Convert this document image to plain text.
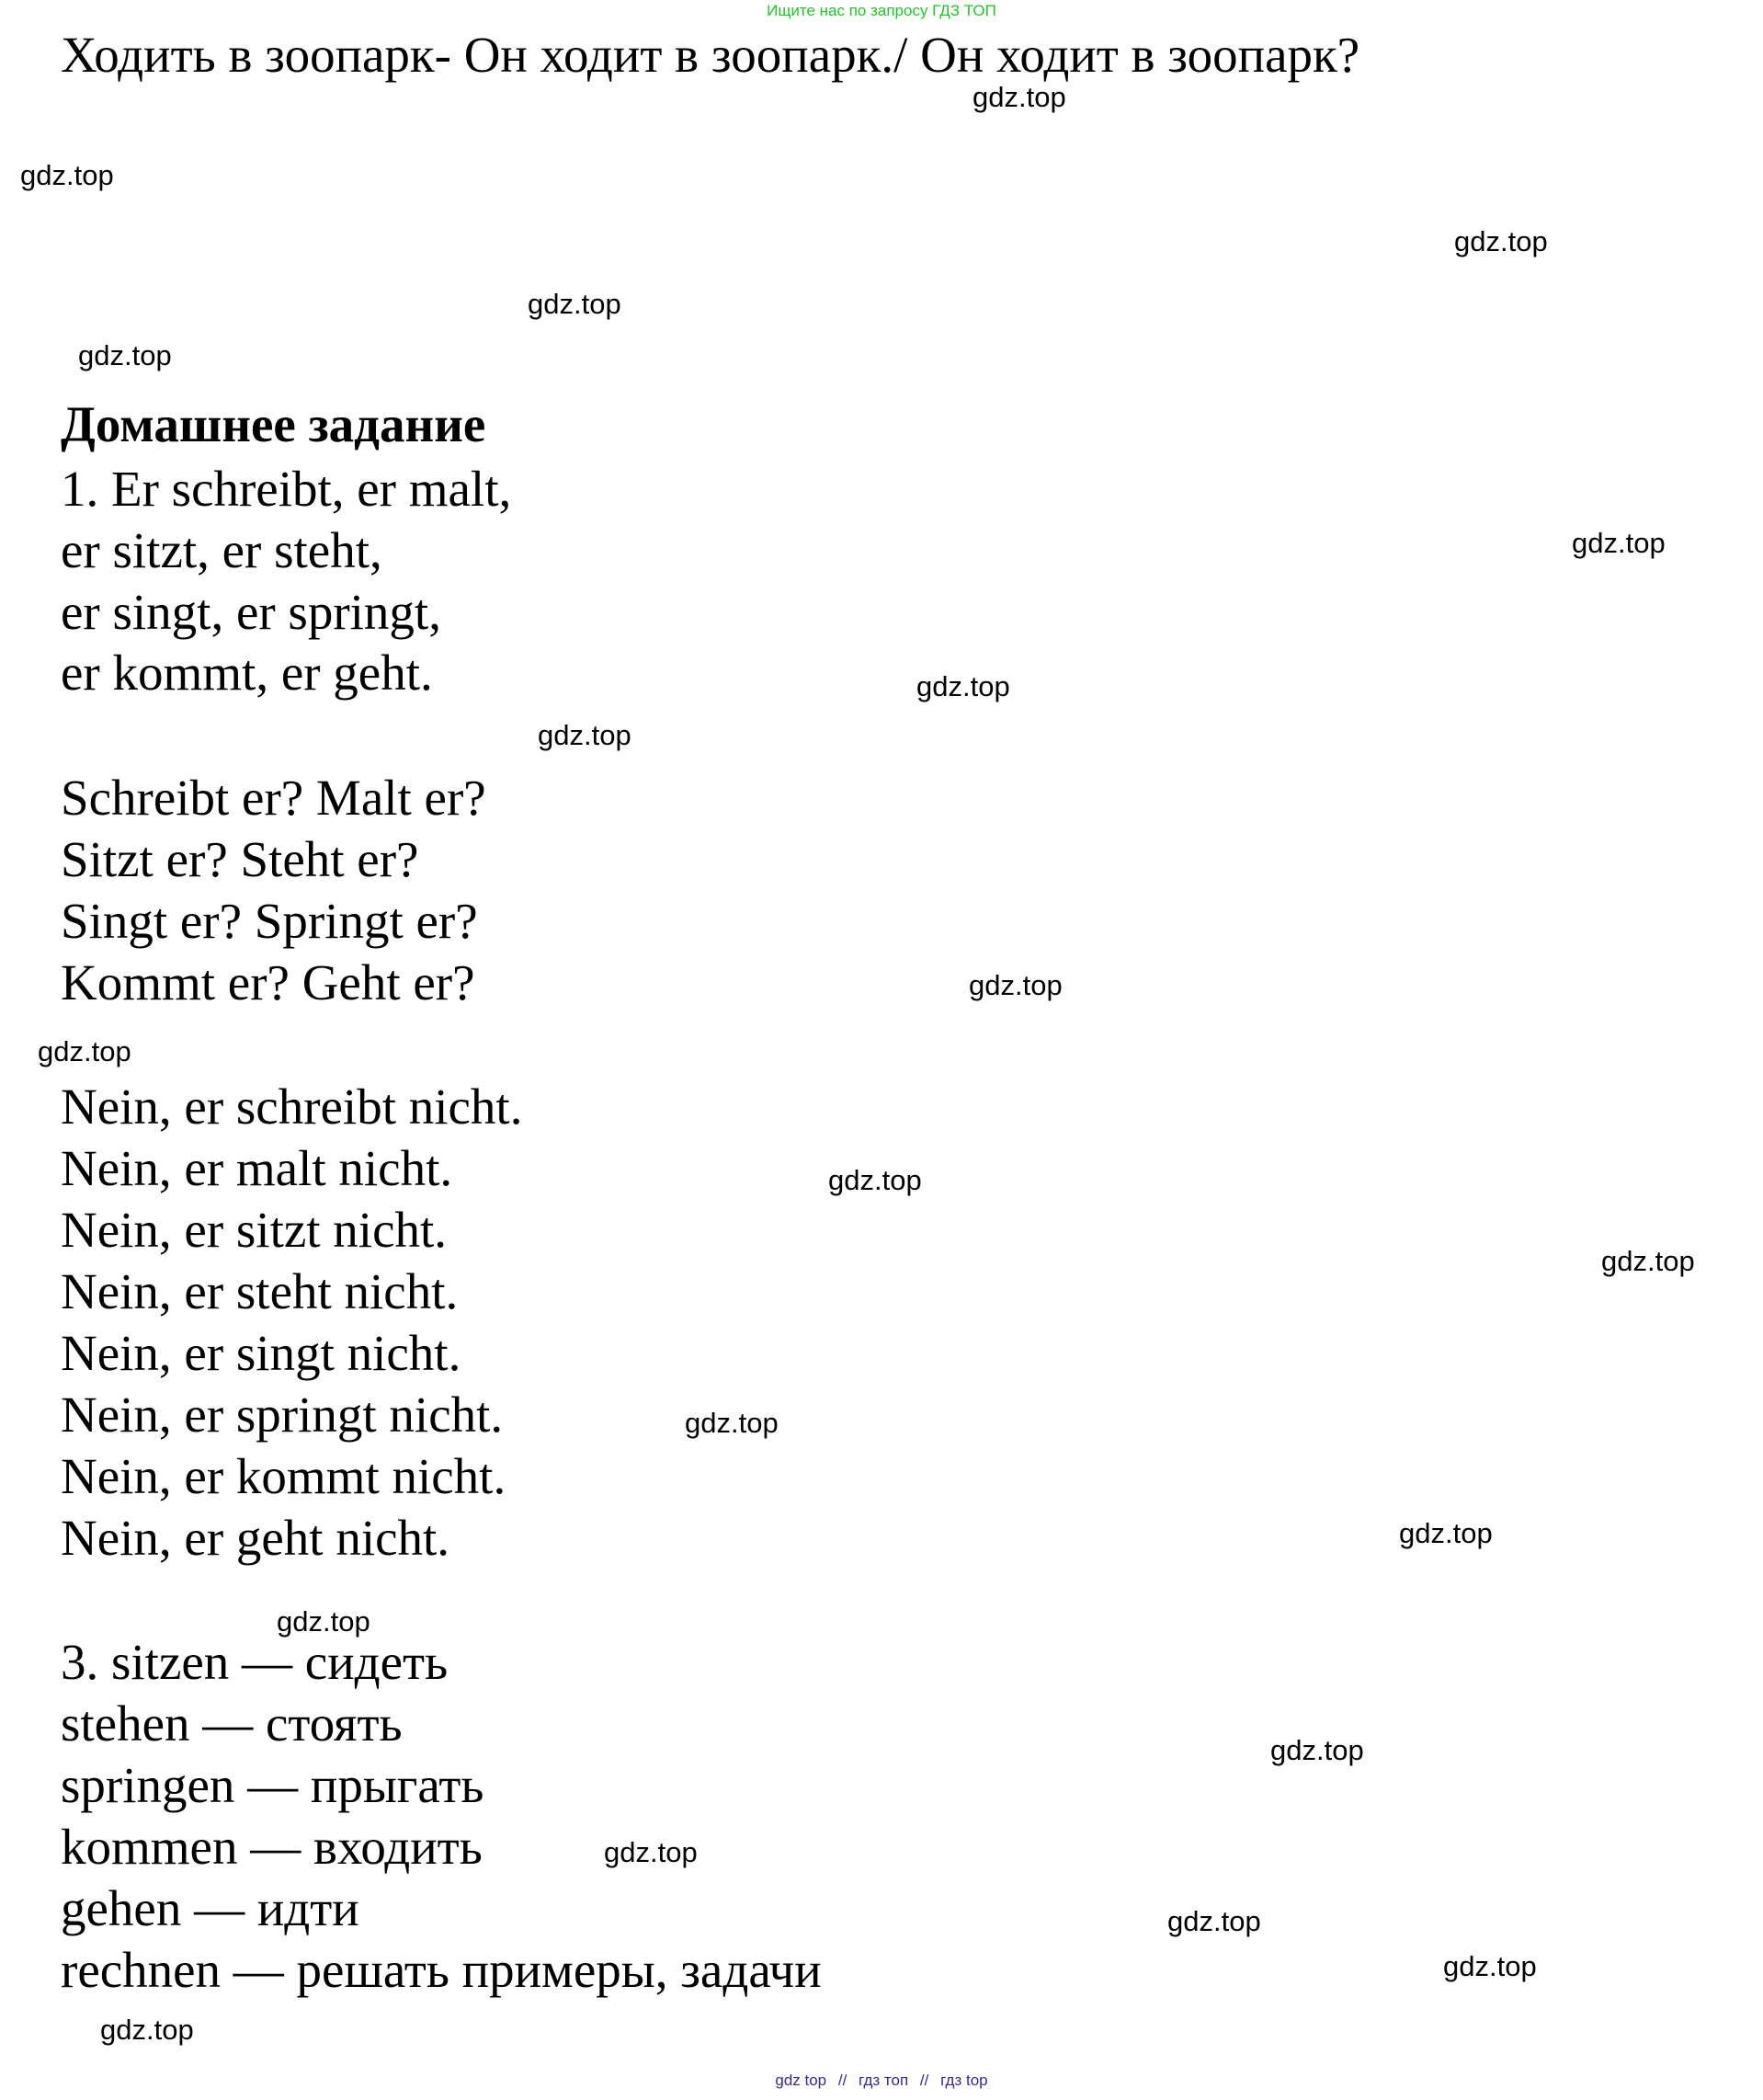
Ищите нас по запросу ГДЗ ТОП
Ходить в зоопарк- Он ходит в зоопарк./ Он ходит в зоопарк?
Домашнее задание
1. Er schreibt, er malt,
er sitzt, er steht,
er singt, er springt,
er kommt, er geht.
Schreibt er? Malt er?
Sitzt er? Steht er?
Singt er? Springt er?
Kommt er? Geht er?
Nein, er schreibt nicht.
Nein, er malt nicht.
Nein, er sitzt nicht.
Nein, er steht nicht.
Nein, er singt nicht.
Nein, er springt nicht.
Nein, er kommt nicht.
Nein, er geht nicht.
3. sitzen — сидеть
stehen — стоять
springen — прыгать
kommen — входить
gehen — идти
rechnen — решать примеры, задачи
gdz.top
gdz.top
gdz.top
gdz.top
gdz.top
gdz.top
gdz.top
gdz.top
gdz.top
gdz.top
gdz.top
gdz.top
gdz.top
gdz.top
gdz.top
gdz.top
gdz.top
gdz.top
gdz.top
gdz.top
gdz top // гдз топ // гдз top
